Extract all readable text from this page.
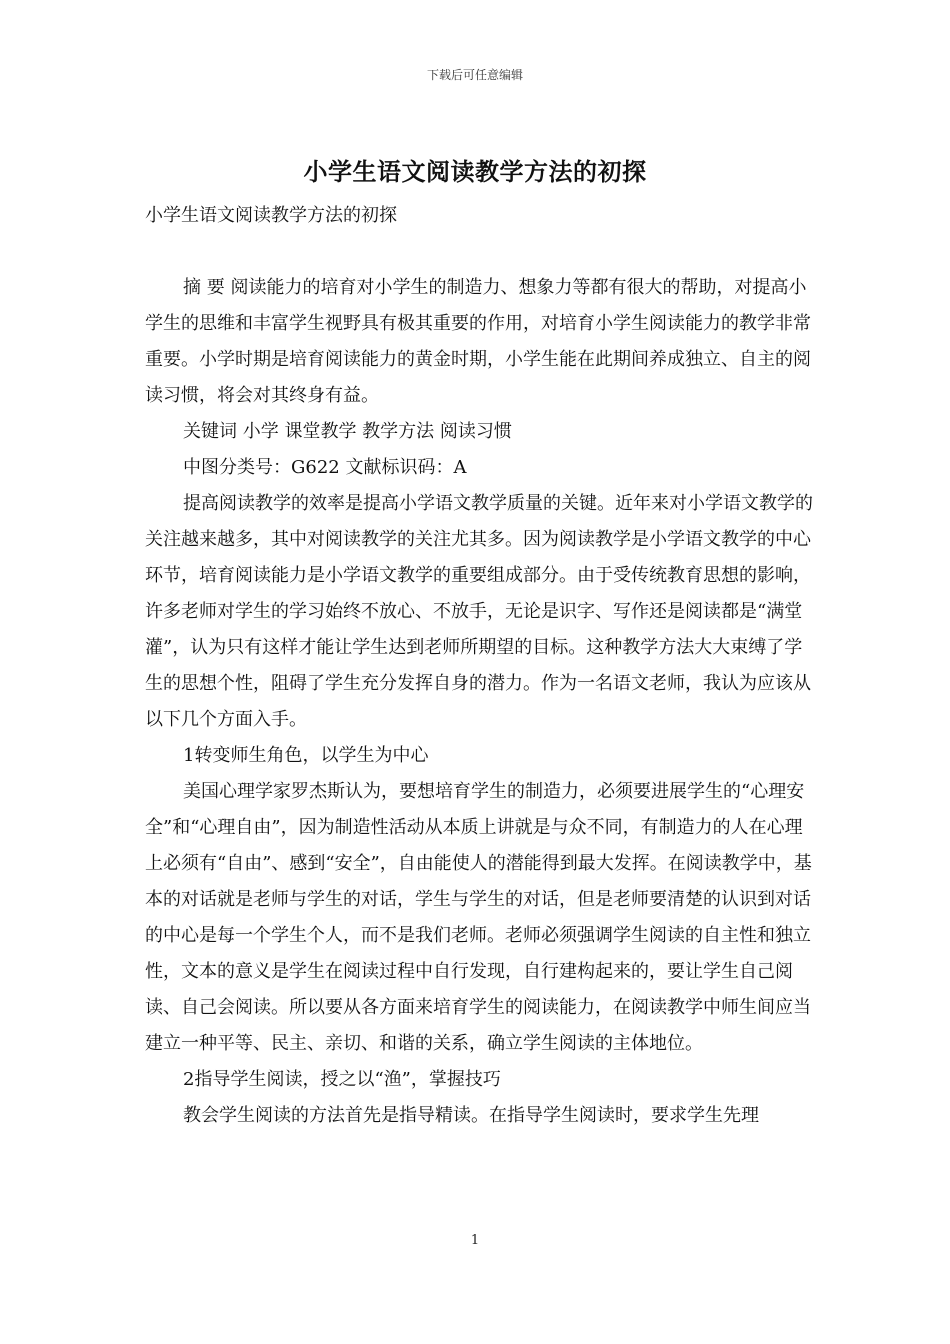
下载后可任意编辑
小学生语文阅读教学方法的初探

小学生语文阅读教学方法的初探

摘 要 阅读能力的培育对小学生的制造力、想象力等都有很大的帮助，对提高小学生的思维和丰富学生视野具有极其重要的作用，对培育小学生阅读能力的教学非常重要。小学时期是培育阅读能力的黄金时期，小学生能在此期间养成独立、自主的阅读习惯，将会对其终身有益。

关键词 小学 课堂教学 教学方法 阅读习惯

中图分类号：G622 文献标识码：A

提高阅读教学的效率是提高小学语文教学质量的关键。近年来对小学语文教学的关注越来越多，其中对阅读教学的关注尤其多。因为阅读教学是小学语文教学的中心环节，培育阅读能力是小学语文教学的重要组成部分。由于受传统教育思想的影响，许多老师对学生的学习始终不放心、不放手，无论是识字、写作还是阅读都是“满堂灌”，认为只有这样才能让学生达到老师所期望的目标。这种教学方法大大束缚了学生的思想个性，阻碍了学生充分发挥自身的潜力。作为一名语文老师，我认为应该从以下几个方面入手。

1转变师生角色，以学生为中心

美国心理学家罗杰斯认为，要想培育学生的制造力，必须要进展学生的“心理安全”和“心理自由”，因为制造性活动从本质上讲就是与众不同，有制造力的人在心理上必须有“自由”、感到“安全”，自由能使人的潜能得到最大发挥。在阅读教学中，基本的对话就是老师与学生的对话，学生与学生的对话，但是老师要清楚的认识到对话的中心是每一个学生个人，而不是我们老师。老师必须强调学生阅读的自主性和独立性，文本的意义是学生在阅读过程中自行发现，自行建构起来的，要让学生自己阅读、自己会阅读。所以要从各方面来培育学生的阅读能力，在阅读教学中师生间应当建立一种平等、民主、亲切、和谐的关系，确立学生阅读的主体地位。

2指导学生阅读，授之以“渔”，掌握技巧

教会学生阅读的方法首先是指导精读。在指导学生阅读时，要求学生先理

1
